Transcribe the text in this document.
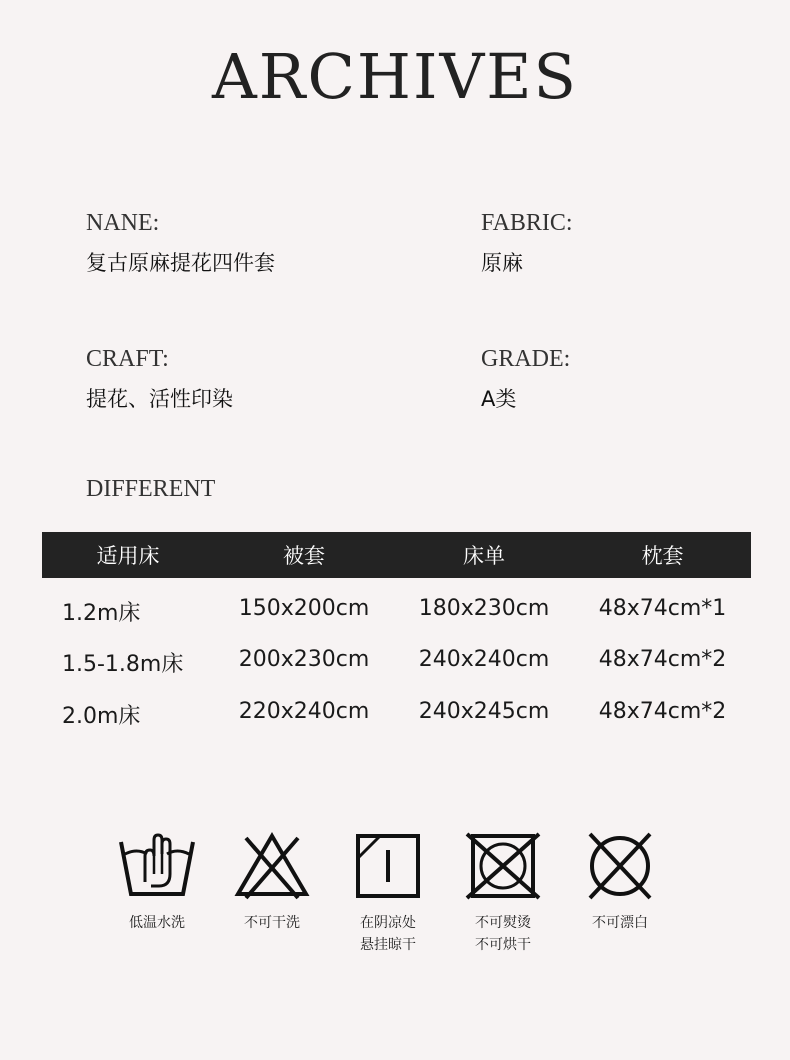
ARCHIVES
NANE:
复古原麻提花四件套
FABRIC:
原麻
CRAFT:
提花、活性印染
GRADE:
A类
DIFFERENT
适用床	被套	床单	枕套
1.2m床	150x200cm	180x230cm	48x74cm*1
1.5-1.8m床	200x230cm	240x240cm	48x74cm*2
2.0m床	220x240cm	240x245cm	48x74cm*2
低温水洗	不可干洗	在阴凉处
悬挂晾干
不可熨烫
不可烘干
不可漂白
